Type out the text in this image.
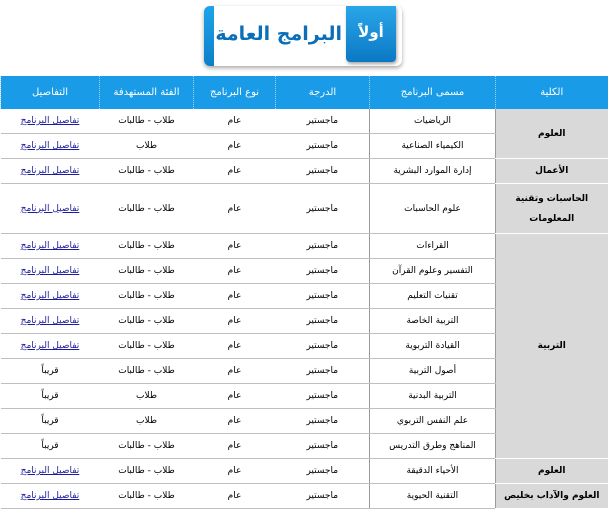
البرامج العامة	أولاً
الكلية	مسمى البرنامج	الدرجة	نوع البرنامج	الفئة المستهدفة	التفاصيل
العلوم	الرياضيات	ماجستير	عام	طلاب - طالبات	تفاصيل البرنامج
	الكيمياء الصناعية	ماجستير	عام	طلاب	تفاصيل البرنامج
الأعمال	إدارة الموارد البشرية	ماجستير	عام	طلاب - طالبات	تفاصيل البرنامج
الحاسبات وتقنية المعلومات	علوم الحاسبات	ماجستير	عام	طلاب - طالبات	تفاصيل البرنامج
التربية	القراءات	ماجستير	عام	طلاب - طالبات	تفاصيل البرنامج
	التفسير وعلوم القرآن	ماجستير	عام	طلاب - طالبات	تفاصيل البرنامج
	تقنيات التعليم	ماجستير	عام	طلاب - طالبات	تفاصيل البرنامج
	التربية الخاصة	ماجستير	عام	طلاب - طالبات	تفاصيل البرنامج
	القيادة التربوية	ماجستير	عام	طلاب - طالبات	تفاصيل البرنامج
	أصول التربية	ماجستير	عام	طلاب - طالبات	قريباً
	التربية البدنية	ماجستير	عام	طلاب	قريباً
	علم النفس التربوي	ماجستير	عام	طلاب	قريباً
	المناهج وطرق التدريس	ماجستير	عام	طلاب - طالبات	قريباً
العلوم	الأحياء الدقيقة	ماجستير	عام	طلاب - طالبات	تفاصيل البرنامج
العلوم والآداب بخليص	التقنية الحيوية	ماجستير	عام	طلاب - طالبات	تفاصيل البرنامج
